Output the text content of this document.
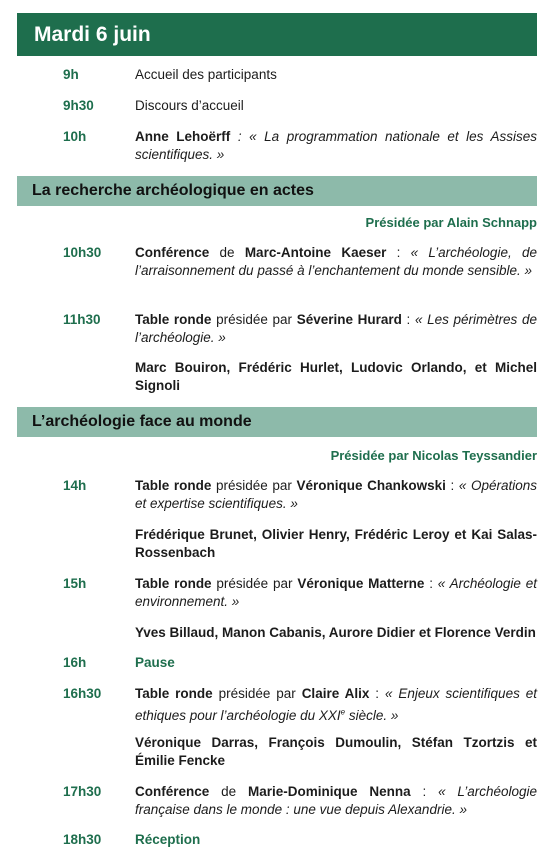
Mardi 6 juin
9h	Accueil des participants
9h30	Discours d’accueil
10h	Anne Lehoërff : « La programmation nationale et les Assises scientifiques. »
La recherche archéologique en actes
Présidée par Alain Schnapp
10h30 Conférence de Marc-Antoine Kaeser : « L’archéologie, de l’arraisonnement du passé à l’enchantement du monde sensible. »
11h30	Table ronde présidée par Séverine Hurard : « Les périmètres de l’archéologie. »
Marc Bouiron, Frédéric Hurlet, Ludovic Orlando, et Michel Signoli
L’archéologie face au monde
Présidée par Nicolas Teyssandier
14h	Table ronde présidée par Véronique Chankowski : « Opérations et expertise scientifiques. »
Frédérique Brunet, Olivier Henry, Frédéric Leroy et Kai Salas-Rossenbach
15h	Table ronde présidée par Véronique Matterne : « Archéologie et environnement. »
Yves Billaud, Manon Cabanis, Aurore Didier et Florence Verdin
16h	Pause
16h30 Table ronde présidée par Claire Alix : « Enjeux scientifiques et ethiques pour l’archéologie du XXIe siècle. »
Véronique Darras, François Dumoulin, Stéfan Tzortzis et Émilie Fencke
17h30 Conférence de Marie-Dominique Nenna : « L’archéologie française dans le monde : une vue depuis Alexandrie. »
18h30 Réception
